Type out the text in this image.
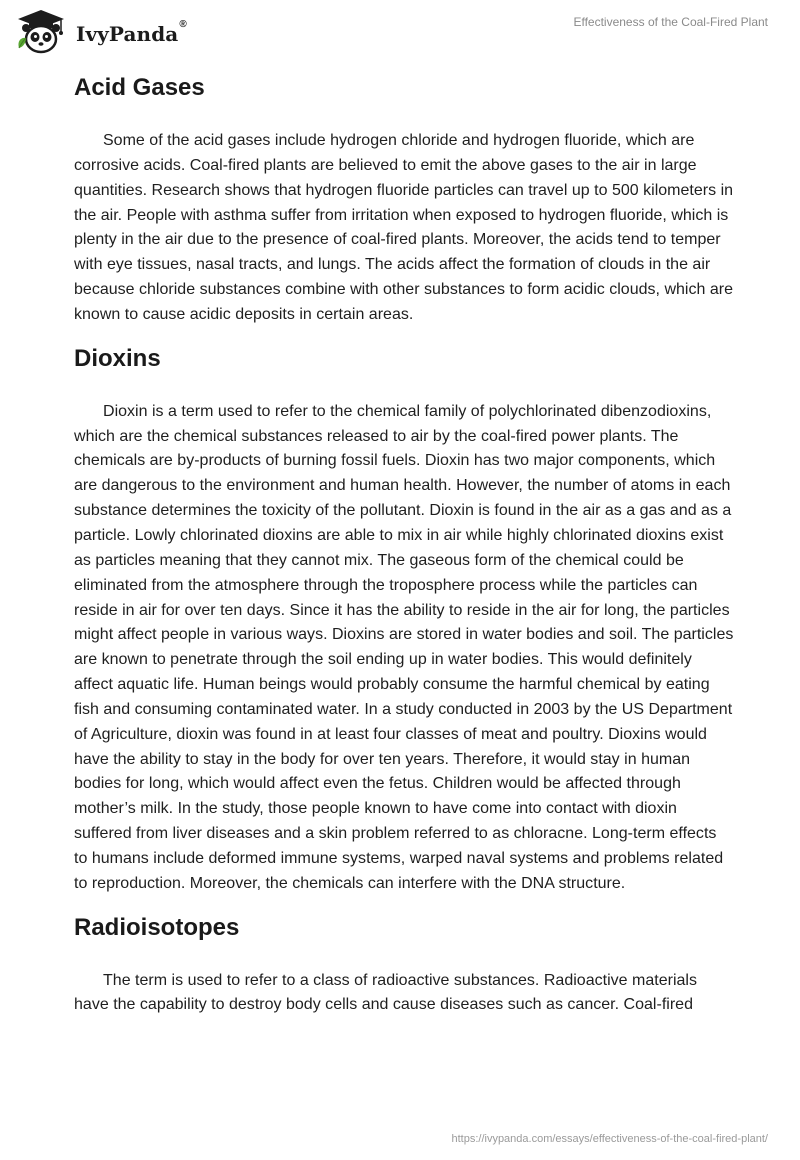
IvyPanda®	Effectiveness of the Coal-Fired Plant
Acid Gases

Some of the acid gases include hydrogen chloride and hydrogen fluoride, which are corrosive acids. Coal-fired plants are believed to emit the above gases to the air in large quantities. Research shows that hydrogen fluoride particles can travel up to 500 kilometers in the air. People with asthma suffer from irritation when exposed to hydrogen fluoride, which is plenty in the air due to the presence of coal-fired plants. Moreover, the acids tend to temper with eye tissues, nasal tracts, and lungs. The acids affect the formation of clouds in the air because chloride substances combine with other substances to form acidic clouds, which are known to cause acidic deposits in certain areas.

Dioxins

Dioxin is a term used to refer to the chemical family of polychlorinated dibenzodioxins, which are the chemical substances released to air by the coal-fired power plants. The chemicals are by-products of burning fossil fuels. Dioxin has two major components, which are dangerous to the environment and human health. However, the number of atoms in each substance determines the toxicity of the pollutant. Dioxin is found in the air as a gas and as a particle. Lowly chlorinated dioxins are able to mix in air while highly chlorinated dioxins exist as particles meaning that they cannot mix. The gaseous form of the chemical could be eliminated from the atmosphere through the troposphere process while the particles can reside in air for over ten days. Since it has the ability to reside in the air for long, the particles might affect people in various ways. Dioxins are stored in water bodies and soil. The particles are known to penetrate through the soil ending up in water bodies. This would definitely affect aquatic life. Human beings would probably consume the harmful chemical by eating fish and consuming contaminated water. In a study conducted in 2003 by the US Department of Agriculture, dioxin was found in at least four classes of meat and poultry. Dioxins would have the ability to stay in the body for over ten years. Therefore, it would stay in human bodies for long, which would affect even the fetus. Children would be affected through mother’s milk. In the study, those people known to have come into contact with dioxin suffered from liver diseases and a skin problem referred to as chloracne. Long-term effects to humans include deformed immune systems, warped naval systems and problems related to reproduction. Moreover, the chemicals can interfere with the DNA structure.

Radioisotopes

The term is used to refer to a class of radioactive substances. Radioactive materials have the capability to destroy body cells and cause diseases such as cancer. Coal-fired

https://ivypanda.com/essays/effectiveness-of-the-coal-fired-plant/
